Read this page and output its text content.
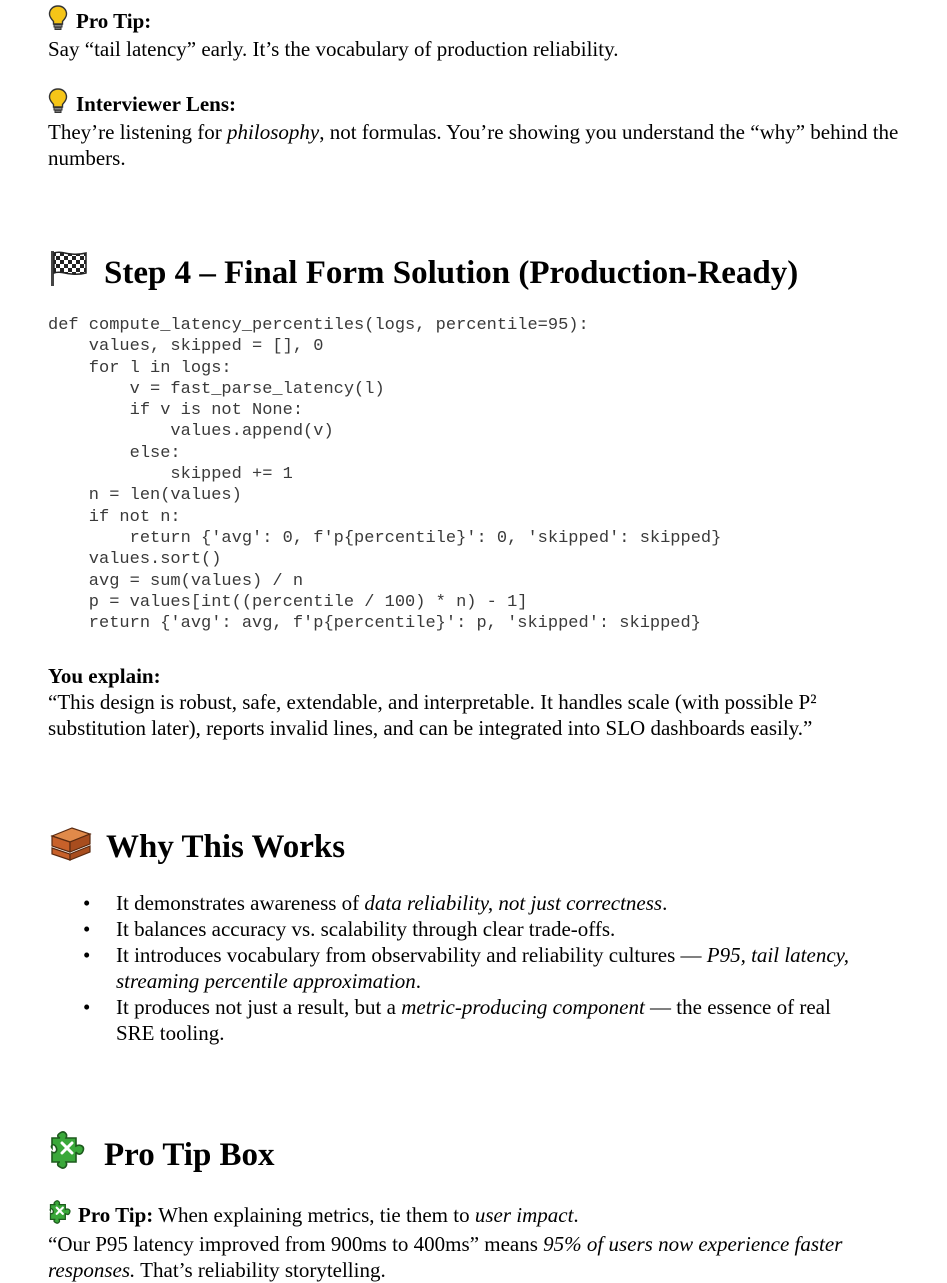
Pro Tip:
Say “tail latency” early. It’s the vocabulary of production reliability.
Interviewer Lens:
They’re listening for philosophy, not formulas. You’re showing you understand the “why” behind the numbers.
Step 4 – Final Form Solution (Production-Ready)
def compute_latency_percentiles(logs, percentile=95):
values, skipped = [], 0
for l in logs:
v = fast_parse_latency(l)
if v is not None:
values.append(v)
else:
skipped += 1
n = len(values)
if not n:
return {'avg': 0, f'p{percentile}': 0, 'skipped': skipped}
values.sort()
avg = sum(values) / n
p = values[int((percentile / 100) * n) - 1]
return {'avg': avg, f'p{percentile}': p, 'skipped': skipped}
You explain:
“This design is robust, safe, extendable, and interpretable. It handles scale (with possible P² substitution later), reports invalid lines, and can be integrated into SLO dashboards easily.”
Why This Works
• It demonstrates awareness of data reliability, not just correctness.
• It balances accuracy vs. scalability through clear trade-offs.
• It introduces vocabulary from observability and reliability cultures — P95, tail latency, streaming percentile approximation.
• It produces not just a result, but a metric-producing component — the essence of real SRE tooling.
Pro Tip Box
Pro Tip: When explaining metrics, tie them to user impact.
“Our P95 latency improved from 900ms to 400ms” means 95% of users now experience faster responses. That’s reliability storytelling.
